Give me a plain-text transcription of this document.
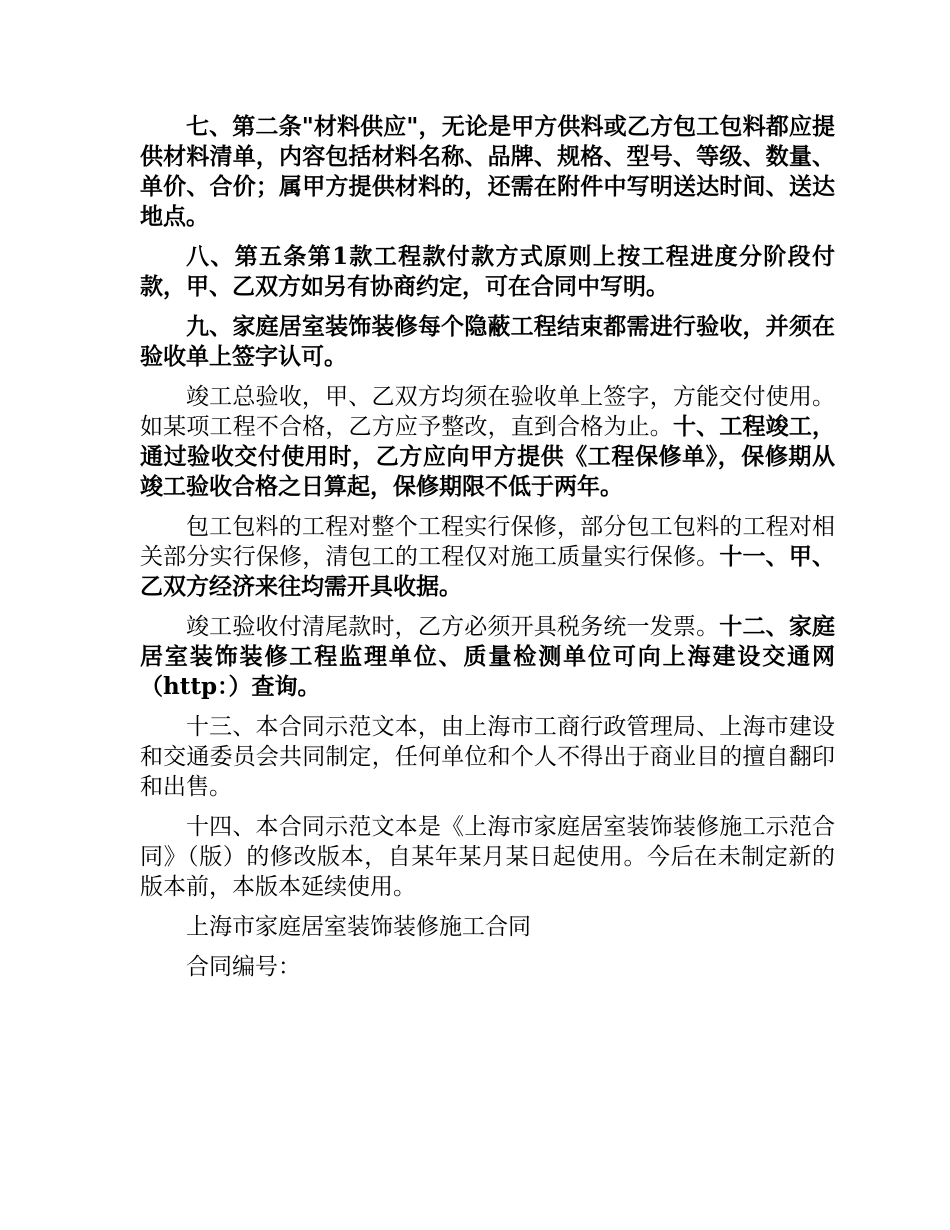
七、第二条"材料供应"，无论是甲方供料或乙方包工包料都应提供材料清单，内容包括材料名称、品牌、规格、型号、等级、数量、单价、合价；属甲方提供材料的，还需在附件中写明送达时间、送达地点。

八、第五条第1款工程款付款方式原则上按工程进度分阶段付款，甲、乙双方如另有协商约定，可在合同中写明。

九、家庭居室装饰装修每个隐蔽工程结束都需进行验收，并须在验收单上签字认可。

竣工总验收，甲、乙双方均须在验收单上签字，方能交付使用。如某项工程不合格，乙方应予整改，直到合格为止。十、工程竣工，通过验收交付使用时，乙方应向甲方提供《工程保修单》，保修期从竣工验收合格之日算起，保修期限不低于两年。

包工包料的工程对整个工程实行保修，部分包工包料的工程对相关部分实行保修，清包工的工程仅对施工质量实行保修。十一、甲、乙双方经济来往均需开具收据。

竣工验收付清尾款时，乙方必须开具税务统一发票。十二、家庭居室装饰装修工程监理单位、质量检测单位可向上海建设交通网（http：）查询。

十三、本合同示范文本，由上海市工商行政管理局、上海市建设和交通委员会共同制定，任何单位和个人不得出于商业目的擅自翻印和出售。

十四、本合同示范文本是《上海市家庭居室装饰装修施工示范合同》（版）的修改版本，自某年某月某日起使用。今后在未制定新的版本前，本版本延续使用。

上海市家庭居室装饰装修施工合同

合同编号：
